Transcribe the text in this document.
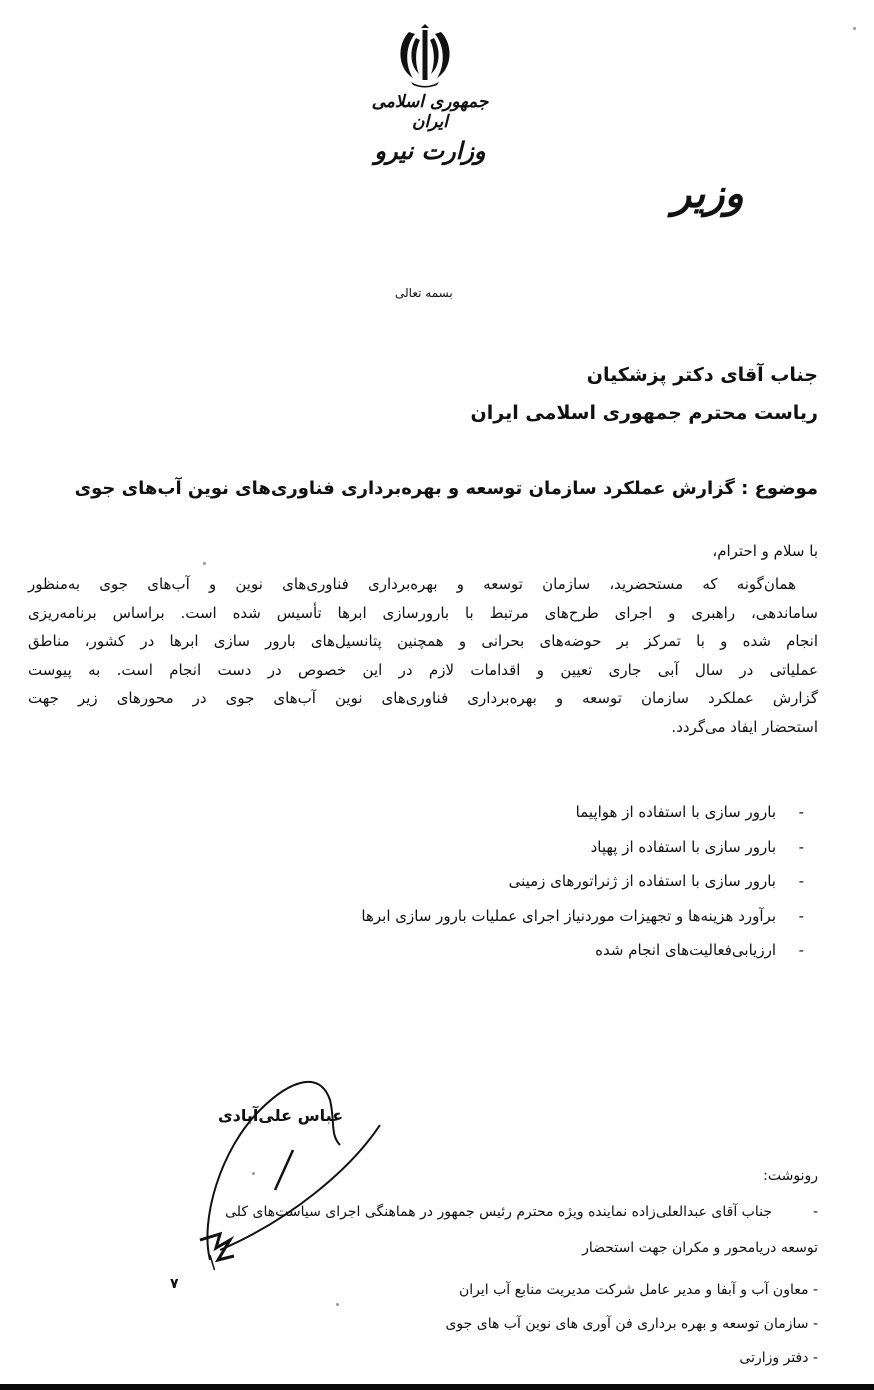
جمهوری اسلامی ایران
وزارت نیرو
وزیر
بسمه تعالی
جناب آقای دکتر پزشکیان
ریاست محترم جمهوری اسلامی ایران
موضوع : گزارش عملکرد سازمان توسعه و بهره‌برداری فناوری‌های نوین آب‌های جوی
با سلام و احترام،
همان‌گونه که مستحضرید، سازمان توسعه و بهره‌برداری فناوری‌های نوین و آب‌های جوی به‌منظور
ساماندهی، راهبری و اجرای طرح‌های مرتبط با بارورسازی ابرها تأسیس شده است. براساس برنامه‌ریزی
انجام شده و با تمرکز بر حوضه‌های بحرانی و همچنین پتانسیل‌های بارور سازی ابرها در کشور، مناطق
عملیاتی در سال آبی جاری تعیین و اقدامات لازم در این خصوص در دست انجام است. به پیوست
گزارش عملکرد سازمان توسعه و بهره‌برداری فناوری‌های نوین آب‌های جوی در محورهای زیر جهت
استحضار ایفاد می‌گردد.
-بارور سازی با استفاده از هواپیما
-بارور سازی با استفاده از پهپاد
-بارور سازی با استفاده از ژنراتورهای زمینی
-برآورد هزینه‌ها و تجهیزات موردنیاز اجرای عملیات بارور سازی ابرها
-ارزیابی‌فعالیت‌های انجام شده
عباس علی‌آبادی
رونوشت:
-جناب آقای عبدالعلی‌زاده نماینده ویژه محترم رئیس جمهور در هماهنگی اجرای سیاست‌های کلی
توسعه دریامحور و مکران جهت استحضار
- معاون آب و آبفا و مدیر عامل شرکت مدیریت منابع آب ایران
- سازمان توسعه و بهره برداری فن آوری های نوین آب های جوی
- دفتر وزارتی
۷
